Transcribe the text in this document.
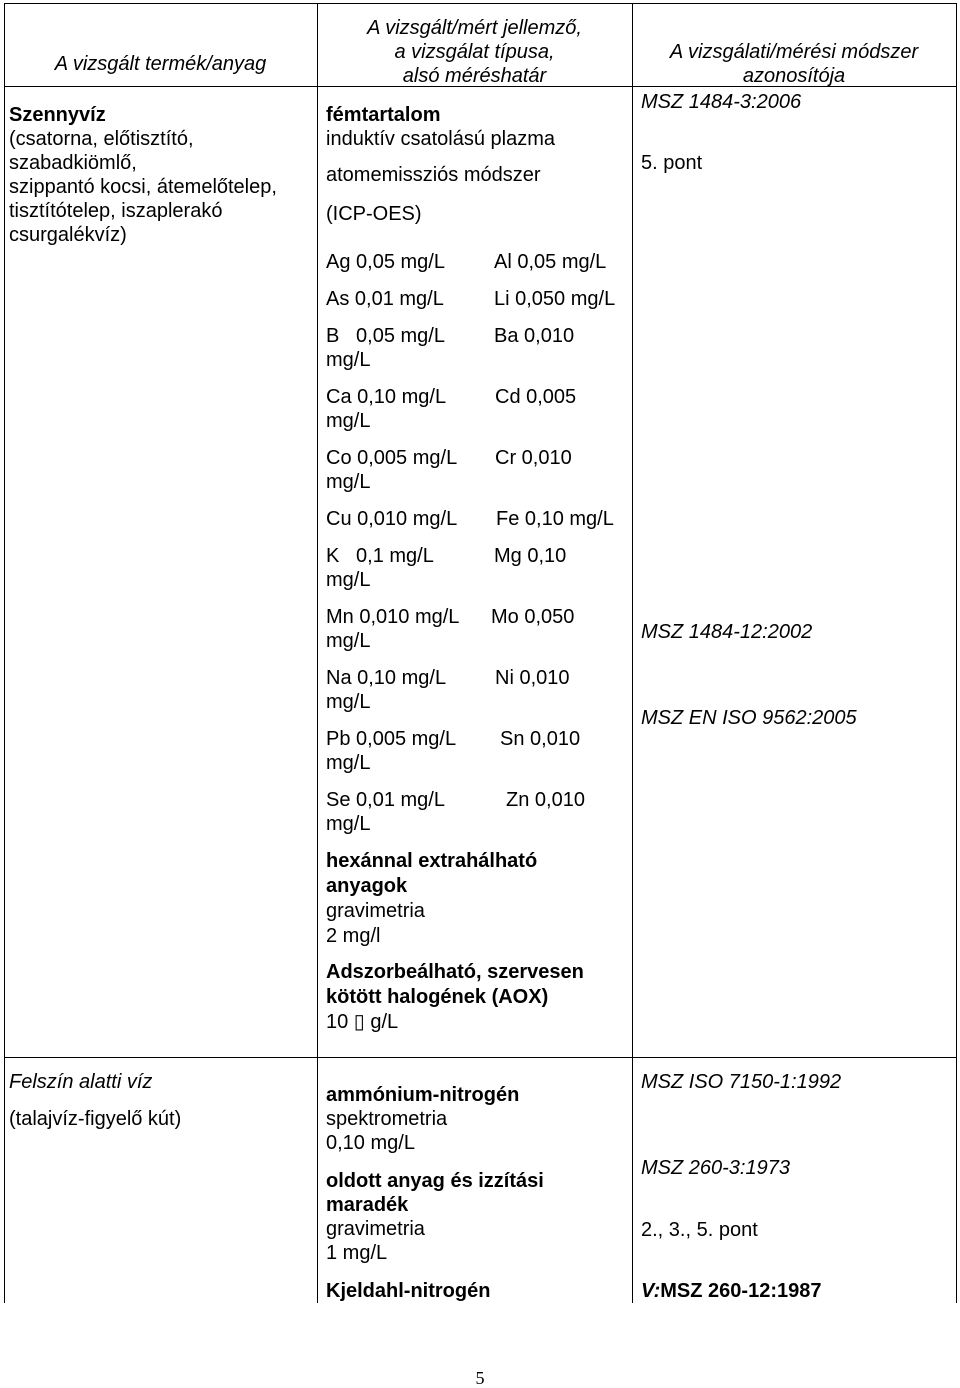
A vizsgált termék/anyag
A vizsgált/mért jellemző,
a vizsgálat típusa,
alsó méréshatár
A vizsgálati/mérési módszer
azonosítója
Szennyvíz
(csatorna, előtisztító,
szabadkiömlő,
szippantó kocsi, átemelőtelep,
tisztítótelep, iszaplerakó
csurgalékvíz)
fémtartalom
induktív csatolású plazma
atomemissziós módszer
(ICP-OES)
Ag 0,05 mg/L
As 0,01 mg/L
B   0,05 mg/L
mg/L
Ca 0,10 mg/L
mg/L
Co 0,005 mg/L
mg/L
Cu 0,010 mg/L
K   0,1 mg/L
mg/L
Mn 0,010 mg/L
mg/L
Na 0,10 mg/L
mg/L
Pb 0,005 mg/L
mg/L
Se 0,01 mg/L
mg/L
Al 0,05 mg/L
Li 0,050 mg/L
Ba 0,010
Cd 0,005
Cr 0,010
Fe 0,10 mg/L
Mg 0,10
Mo 0,050
Ni 0,010
Sn 0,010
Zn 0,010
hexánnal extrahálható
anyagok
gravimetria
2 mg/l
Adszorbeálható, szervesen
kötött halogének (AOX)
10 ▯ g/L
MSZ 1484-3:2006
5. pont
MSZ 1484-12:2002
MSZ EN ISO 9562:2005
Felszín alatti víz
(talajvíz-figyelő kút)
ammónium-nitrogén
spektrometria
0,10 mg/L
oldott anyag és izzítási
maradék
gravimetria
1 mg/L
Kjeldahl-nitrogén
MSZ ISO 7150-1:1992
MSZ 260-3:1973
2., 3., 5. pont
V:MSZ 260-12:1987
5
